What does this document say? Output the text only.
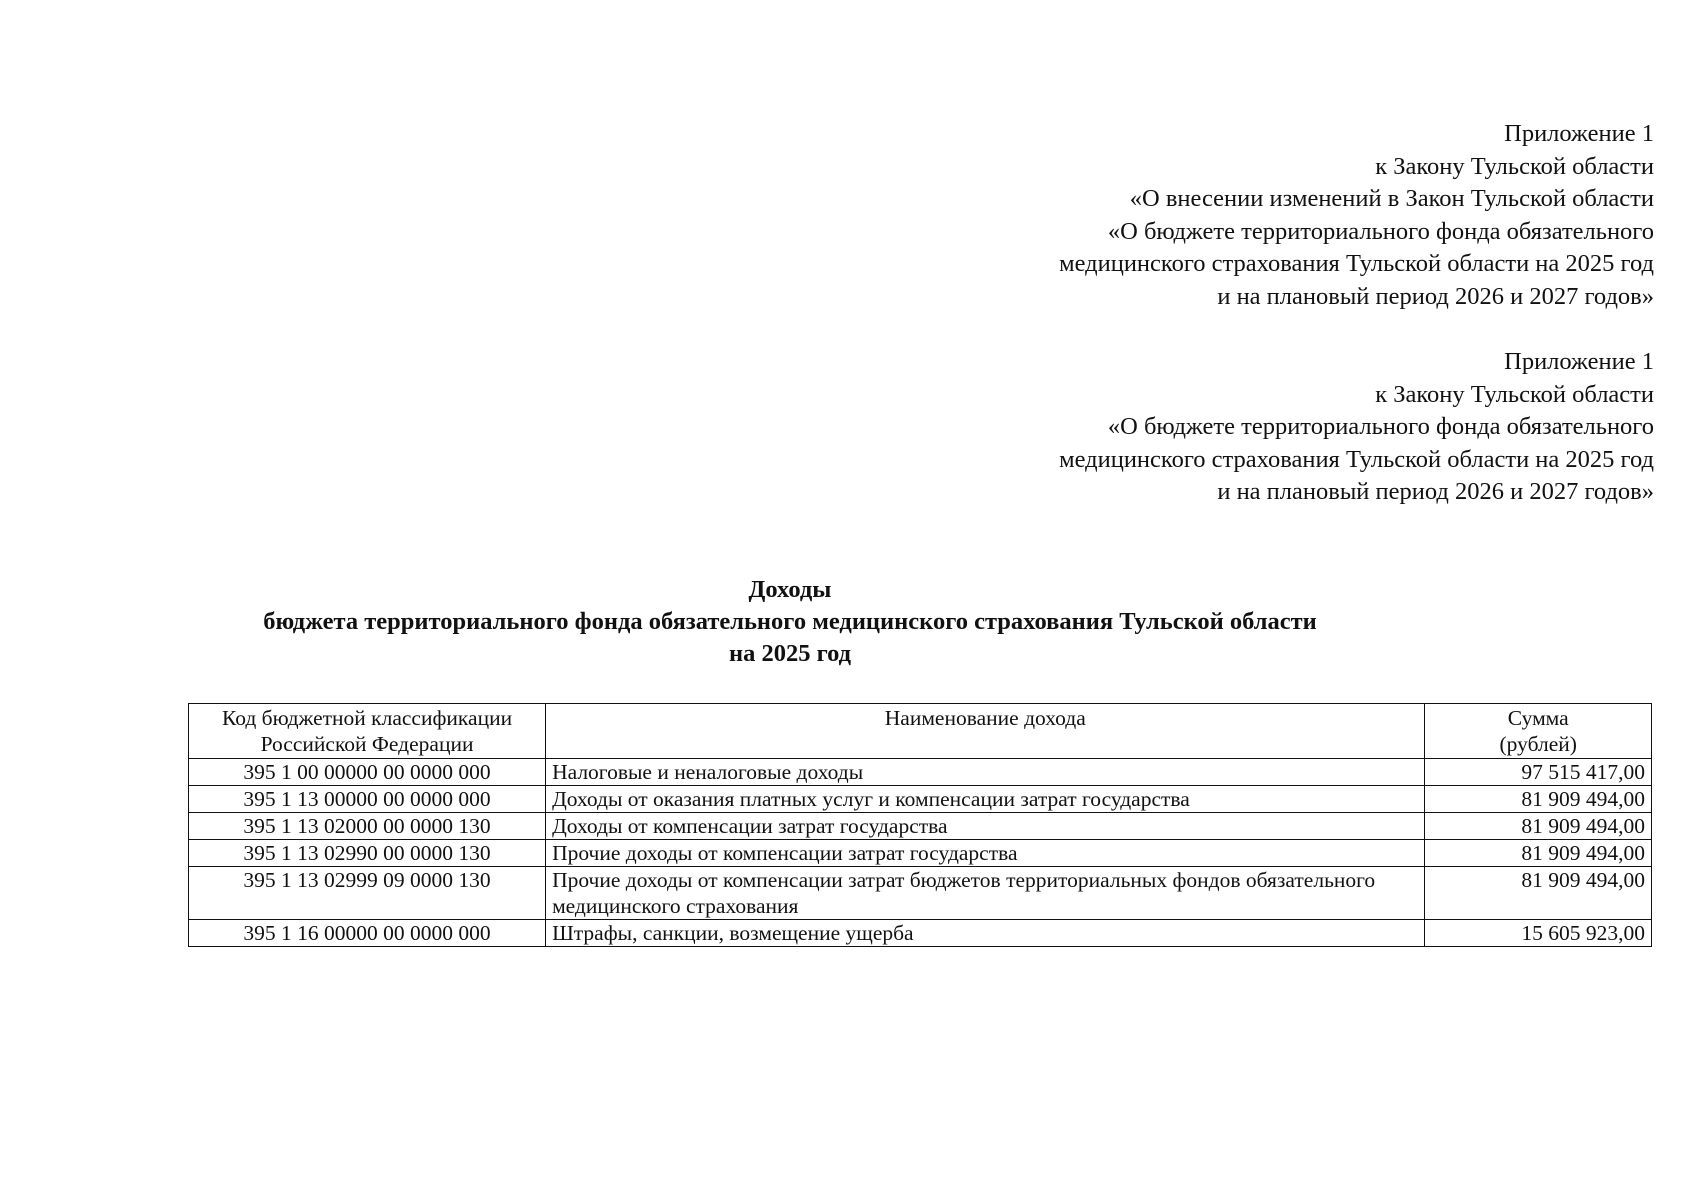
Приложение 1
к Закону Тульской области
«О внесении изменений в Закон Тульской области
«О бюджете территориального фонда обязательного
медицинского страхования Тульской области на 2025 год
и на плановый период 2026 и 2027 годов»
Приложение 1
к Закону Тульской области
«О бюджете территориального фонда обязательного
медицинского страхования Тульской области на 2025 год
и на плановый период 2026 и 2027 годов»
Доходы
бюджета территориального фонда обязательного медицинского страхования Тульской области
на 2025 год
Код бюджетной классификации
Российской Федерации	Наименование дохода	Сумма
(рублей)

395 1 00 00000 00 0000 000	Налоговые и неналоговые доходы	97 515 417,00
395 1 13 00000 00 0000 000	Доходы от оказания платных услуг и компенсации затрат государства	81 909 494,00
395 1 13 02000 00 0000 130	Доходы от компенсации затрат государства	81 909 494,00
395 1 13 02990 00 0000 130	Прочие доходы от компенсации затрат государства	81 909 494,00
395 1 13 02999 09 0000 130	Прочие доходы от компенсации затрат бюджетов территориальных фондов обязательного медицинского страхования	81 909 494,00
395 1 16 00000 00 0000 000	Штрафы, санкции, возмещение ущерба	15 605 923,00
